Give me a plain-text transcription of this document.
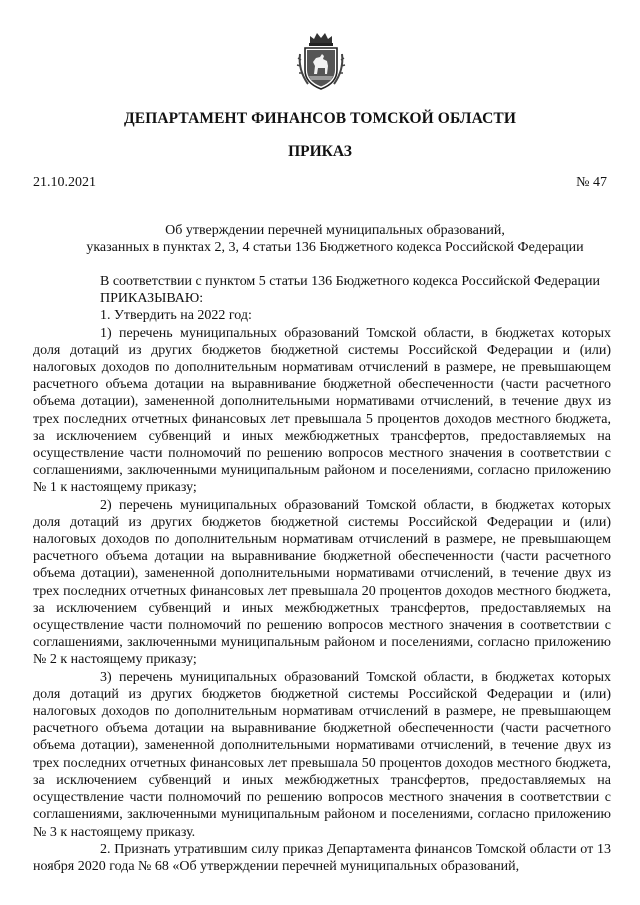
ДЕПАРТАМЕНТ ФИНАНСОВ ТОМСКОЙ ОБЛАСТИ
ПРИКАЗ
21.10.2021	№ 47
Об утверждении перечней муниципальных образований,
указанных в пунктах 2, 3, 4 статьи 136 Бюджетного кодекса Российской Федерации
В соответствии с пунктом 5 статьи 136 Бюджетного кодекса Российской Федерации
ПРИКАЗЫВАЮ:
1. Утвердить на 2022 год:

1) перечень муниципальных образований Томской области, в бюджетах которых доля дотаций из других бюджетов бюджетной системы Российской Федерации и (или) налоговых доходов по дополнительным нормативам отчислений в размере, не превышающем расчетного объема дотации на выравнивание бюджетной обеспеченности (части расчетного объема дотации), замененной дополнительными нормативами отчислений, в течение двух из трех последних отчетных финансовых лет превышала 5 процентов доходов местного бюджета, за исключением субвенций и иных межбюджетных трансфертов, предоставляемых на осуществление части полномочий по решению вопросов местного значения в соответствии с соглашениями, заключенными муниципальным районом и поселениями, согласно приложению № 1 к настоящему приказу;

2) перечень муниципальных образований Томской области, в бюджетах которых доля дотаций из других бюджетов бюджетной системы Российской Федерации и (или) налоговых доходов по дополнительным нормативам отчислений в размере, не превышающем расчетного объема дотации на выравнивание бюджетной обеспеченности (части расчетного объема дотации), замененной дополнительными нормативами отчислений, в течение двух из трех последних отчетных финансовых лет превышала 20 процентов доходов местного бюджета, за исключением субвенций и иных межбюджетных трансфертов, предоставляемых на осуществление части полномочий по решению вопросов местного значения в соответствии с соглашениями, заключенными муниципальным районом и поселениями, согласно приложению № 2 к настоящему приказу;

3) перечень муниципальных образований Томской области, в бюджетах которых доля дотаций из других бюджетов бюджетной системы Российской Федерации и (или) налоговых доходов по дополнительным нормативам отчислений в размере, не превышающем расчетного объема дотации на выравнивание бюджетной обеспеченности (части расчетного объема дотации), замененной дополнительными нормативами отчислений, в течение двух из трех последних отчетных финансовых лет превышала 50 процентов доходов местного бюджета, за исключением субвенций и иных межбюджетных трансфертов, предоставляемых на осуществление части полномочий по решению вопросов местного значения в соответствии с соглашениями, заключенными муниципальным районом и поселениями, согласно приложению № 3 к настоящему приказу.

2. Признать утратившим силу приказ Департамента финансов Томской области от 13 ноября 2020 года № 68 «Об утверждении перечней муниципальных образований,
